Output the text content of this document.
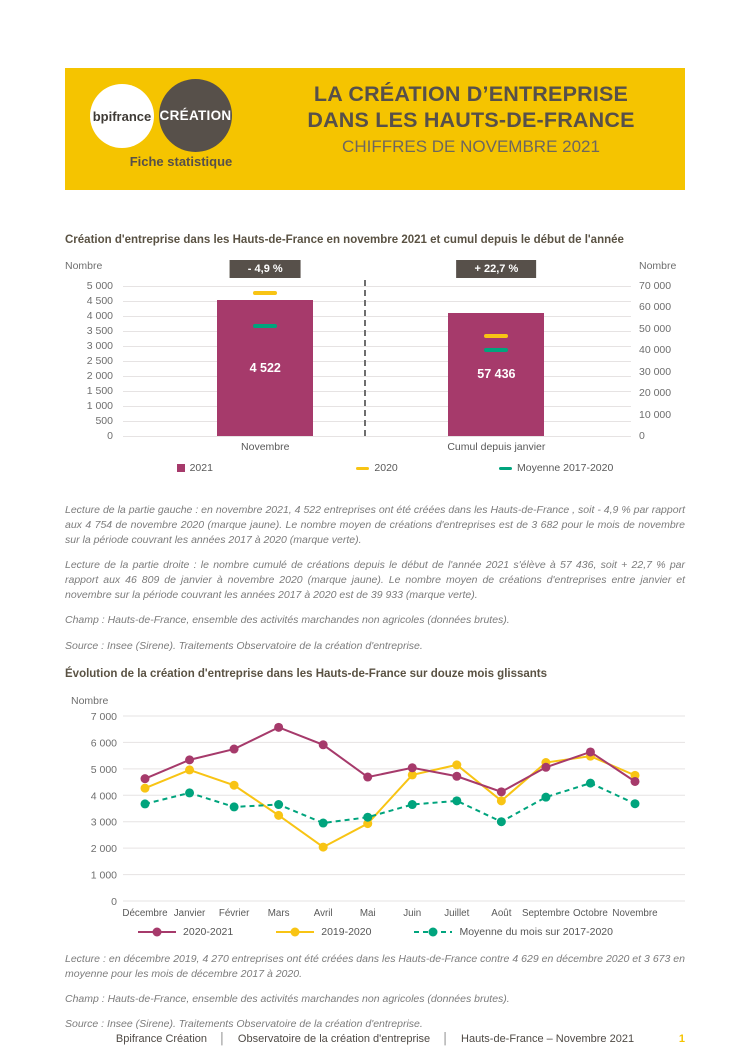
bpifrance CRÉATION
Fiche statistique
LA CRÉATION D’ENTREPRISE
DANS LES HAUTS-DE-FRANCE
CHIFFRES DE NOVEMBRE 2021
Création d'entreprise dans les Hauts-de-France en novembre 2021 et cumul depuis le début de l'année
Nombre
5 000
4 500
4 000
3 500
3 000
2 500
2 000
1 500
1 000
500
0
4 522
- 4,9 %
Novembre
57 436
+ 22,7 %
Cumul depuis janvier
Nombre
70 000
60 000
50 000
40 000
30 000
20 000
10 000
0
2021	2020	Moyenne 2017-2020

Lecture de la partie gauche : en novembre 2021, 4 522 entreprises ont été créées dans les Hauts-de-France , soit - 4,9 % par rapport aux 4 754 de novembre 2020 (marque jaune). Le nombre moyen de créations d'entreprises est de 3 682 pour le mois de novembre sur la période couvrant les années 2017 à 2020 (marque verte).

Lecture de la partie droite : le nombre cumulé de créations depuis le début de l'année 2021 s'élève à 57 436, soit + 22,7 % par rapport aux 46 809 de janvier à novembre 2020 (marque jaune). Le nombre moyen de créations d'entreprises entre janvier et novembre sur la période couvrant les années 2017 à 2020 est de 39 933 (marque verte).

Champ : Hauts-de-France, ensemble des activités marchandes non agricoles (données brutes).

Source : Insee (Sirene). Traitements Observatoire de la création d'entreprise.

Évolution de la création d'entreprise dans les Hauts-de-France sur douze mois glissants
Nombre
7 000
6 000
5 000
4 000
3 000
2 000
1 000
0
Décembre Janvier Février Mars Avril	Mai	Juin Juillet Août Septembre Octobre Novembre
2020-2021	2019-2020	Moyenne du mois sur 2017-2020

Lecture : en décembre 2019, 4 270 entreprises ont été créées dans les Hauts-de-France contre 4 629 en décembre 2020 et 3 673 en moyenne pour les mois de décembre 2017 à 2020.

Champ : Hauts-de-France, ensemble des activités marchandes non agricoles (données brutes).

Source : Insee (Sirene). Traitements Observatoire de la création d'entreprise.

Bpifrance Création │ Observatoire de la création d'entreprise │ Hauts-de-France – Novembre 2021	1
